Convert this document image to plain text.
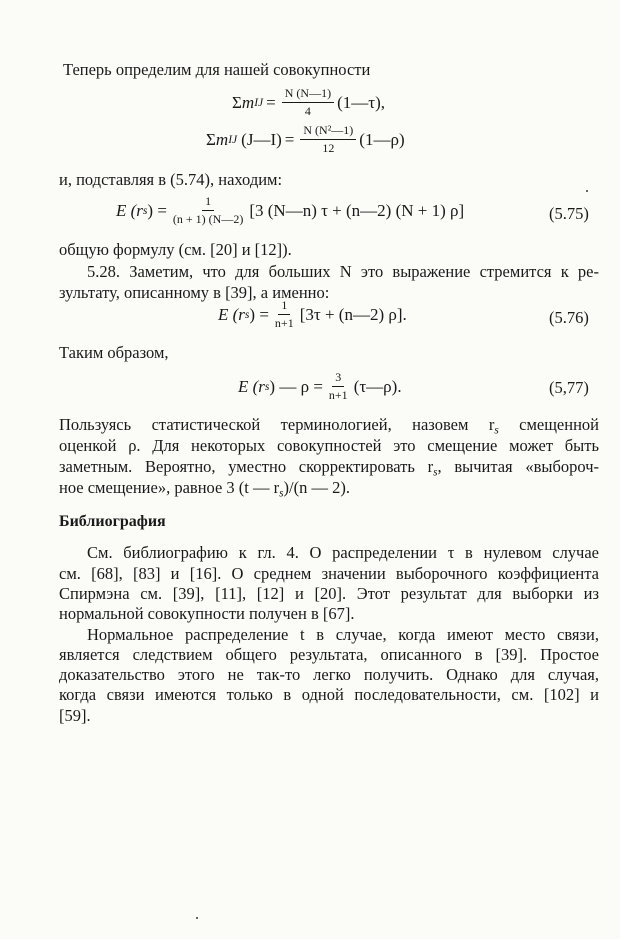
Теперь определим для нашей совокупности
Σ m IJ = $\frac{N (N—1)}{4}$ (1—τ),
Σ m IJ (J—I) = $\frac{\text{N (N²—1)}}{12}$ (1—ρ)
и, подставляя в (5.74), находим:
E (r s ) = $\frac{1}{(n + 1) (N—2)} [3$ (N—n) τ + (n—2) (N + 1) ρ]	(5.75)
общую формулу (см. [20] и [12]).
5.28. Заметим, что для больших N это выражение стремится к ре-
зультату, описанному в [39], а именно:
E (r s ) = $\frac{1}{n+1} [3\tau$ + (n—2) ρ].	(5.76)
Таким образом,
E (r s ) — $\rho = \frac{3}{n+1}$ (τ—ρ).	(5,77)
Пользуясь статистической терминологией, назовем $r_s$ смещенной
оценкой ρ. Для некоторых совокупностей это смещение может быть
заметным. Вероятно, уместно скорректировать $r_s$, вычитая «выбороч-
ное смещение», равное 3 (t — $r_s)/(n$ — 2).
Библиография
См. библиографию к гл. 4. О распределении τ в нулевом случае
см. [68], [83] и [16]. О среднем значении выборочного коэффициента
Спирмэна см. [39], [11], [12] и [20]. Этот результат для выборки из
нормальной совокупности получен в [67].
Нормальное распределение t в случае, когда имеют место связи,
является следствием общего результата, описанного в [39]. Простое
доказательство этого не так-то легко получить. Однако для случая,
когда связи имеются только в одной последовательности, см. [102] и
[59].
